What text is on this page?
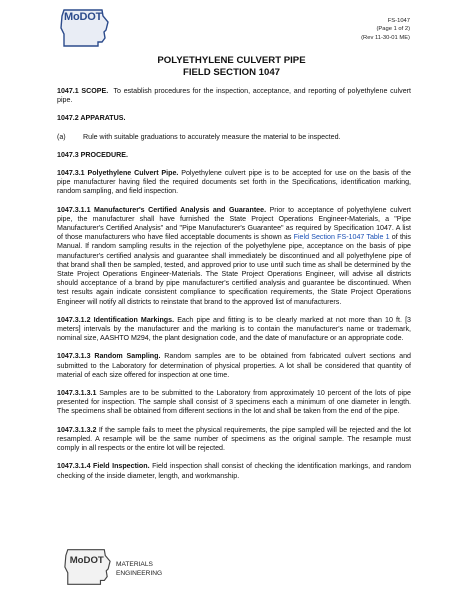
MoDOT	FS-1047
(Page 1 of 2)
(Rev 11-30-01 ME)
POLYETHYLENE CULVERT PIPE
FIELD SECTION 1047

1047.1 SCOPE. To establish procedures for the inspection, acceptance, and reporting of polyethylene culvert pipe.

1047.2 APPARATUS.

(a)	Rule with suitable graduations to accurately measure the material to be inspected.

1047.3 PROCEDURE.

1047.3.1 Polyethylene Culvert Pipe. Polyethylene culvert pipe is to be accepted for use on the basis of the pipe manufacturer having filed the required documents set forth in the Specifications, identification marking, random sampling, and field inspection.

1047.3.1.1 Manufacturer's Certified Analysis and Guarantee. Prior to acceptance of polyethylene culvert pipe, the manufacturer shall have furnished the State Project Operations Engineer-Materials, a "Pipe Manufacturer's Certified Analysis" and "Pipe Manufacturer's Guarantee" as required by Specification 1047. A list of those manufacturers who have filed acceptable documents is shown as Field Section FS-1047 Table 1 of this Manual. If random sampling results in the rejection of the polyethylene pipe, acceptance on the basis of pipe manufacturer's certified analysis and guarantee shall immediately be discontinued and all polyethylene pipe of that brand shall then be sampled, tested, and approved prior to use until such time as shall be determined by the State Project Operations Engineer-Materials. The State Project Operations Engineer, will advise all districts should acceptance of a brand by pipe manufacturer's certified analysis and guarantee be discontinued. When test results again indicate consistent compliance to specification requirements, the State Project Operations Engineer will notify all districts to reinstate that brand to the approved list of manufacturers.

1047.3.1.2 Identification Markings. Each pipe and fitting is to be clearly marked at not more than 10 ft. [3 meters] intervals by the manufacturer and the marking is to contain the manufacturer's name or trademark, nominal size, AASHTO M294, the plant designation code, and the date of manufacture or an appropriate code.

1047.3.1.3 Random Sampling. Random samples are to be obtained from fabricated culvert sections and submitted to the Laboratory for determination of physical properties. A lot shall be considered that quantity of material of each size offered for inspection at one time.

1047.3.1.3.1 Samples are to be submitted to the Laboratory from approximately 10 percent of the lots of pipe presented for inspection. The sample shall consist of 3 specimens each a minimum of one diameter in length. The specimens shall be obtained from different sections in the lot and shall be taken from the end of the pipe.

1047.3.1.3.2 If the sample fails to meet the physical requirements, the pipe sampled will be rejected and the lot resampled. A resample will be the same number of specimens as the original sample. The resample must comply in all respects or the entire lot will be rejected.

1047.3.1.4 Field Inspection. Field inspection shall consist of checking the identification markings, and random checking of the inside diameter, length, and workmanship.

MoDOT MATERIALS
ENGINEERING
